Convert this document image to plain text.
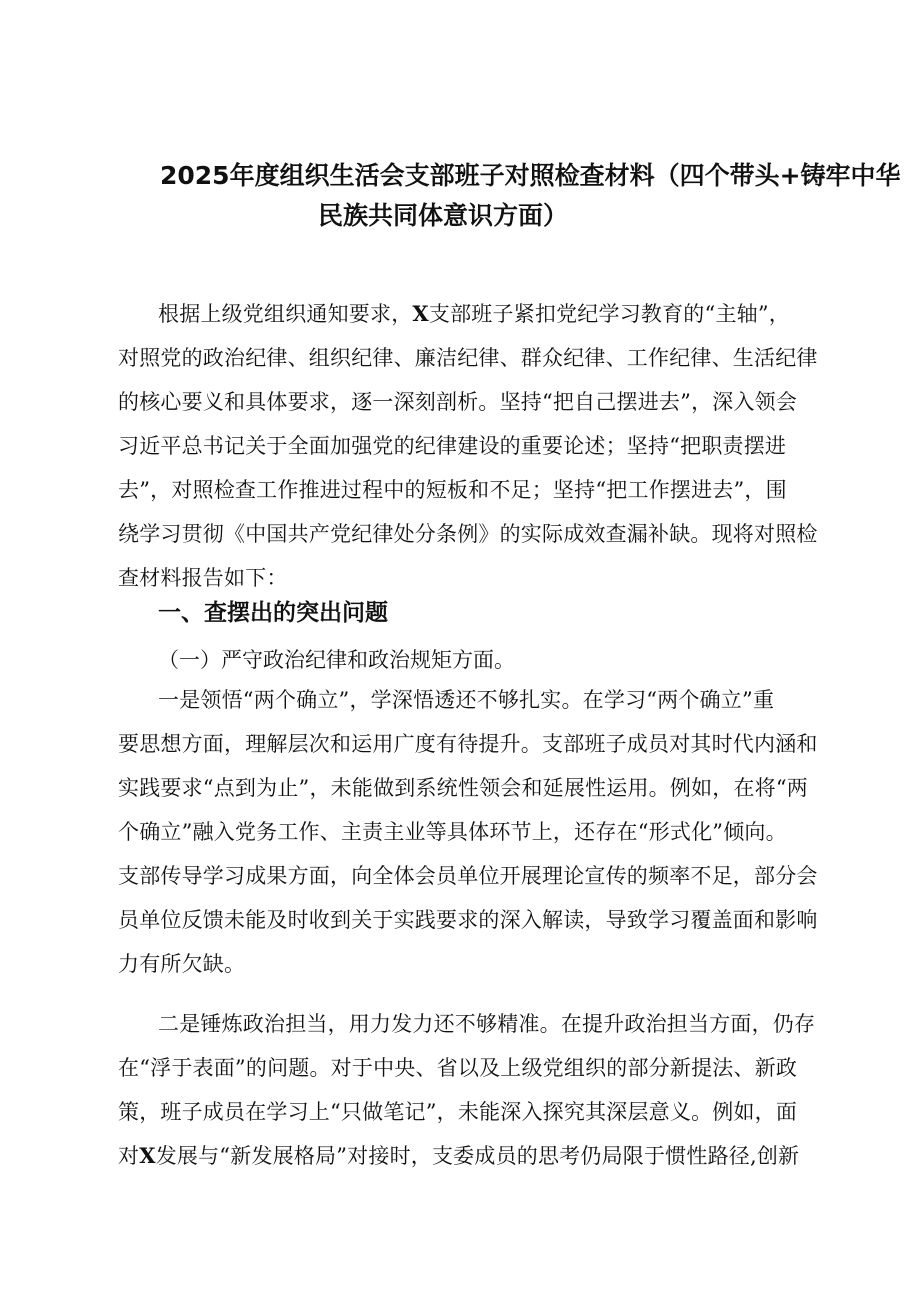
2025年度组织生活会支部班子对照检查材料（四个带头+铸牢中华
民族共同体意识方面）
根据上级党组织通知要求，X支部班子紧扣党纪学习教育的“主轴”，
对照党的政治纪律、组织纪律、廉洁纪律、群众纪律、工作纪律、生活纪律
的核心要义和具体要求，逐一深刻剖析。坚持“把自己摆进去”，深入领会
习近平总书记关于全面加强党的纪律建设的重要论述；坚持“把职责摆进
去”，对照检查工作推进过程中的短板和不足；坚持“把工作摆进去”，围
绕学习贯彻《中国共产党纪律处分条例》的实际成效查漏补缺。现将对照检
查材料报告如下：
一、查摆出的突出问题
（一）严守政治纪律和政治规矩方面。
一是领悟“两个确立”，学深悟透还不够扎实。在学习“两个确立”重
要思想方面，理解层次和运用广度有待提升。支部班子成员对其时代内涵和
实践要求“点到为止”，未能做到系统性领会和延展性运用。例如，在将“两
个确立”融入党务工作、主责主业等具体环节上，还存在“形式化”倾向。
支部传导学习成果方面，向全体会员单位开展理论宣传的频率不足，部分会
员单位反馈未能及时收到关于实践要求的深入解读，导致学习覆盖面和影响
力有所欠缺。
二是锤炼政治担当，用力发力还不够精准。在提升政治担当方面，仍存
在“浮于表面”的问题。对于中央、省以及上级党组织的部分新提法、新政
策，班子成员在学习上“只做笔记”，未能深入探究其深层意义。例如，面
对X发展与“新发展格局”对接时，支委成员的思考仍局限于惯性路径,创新
